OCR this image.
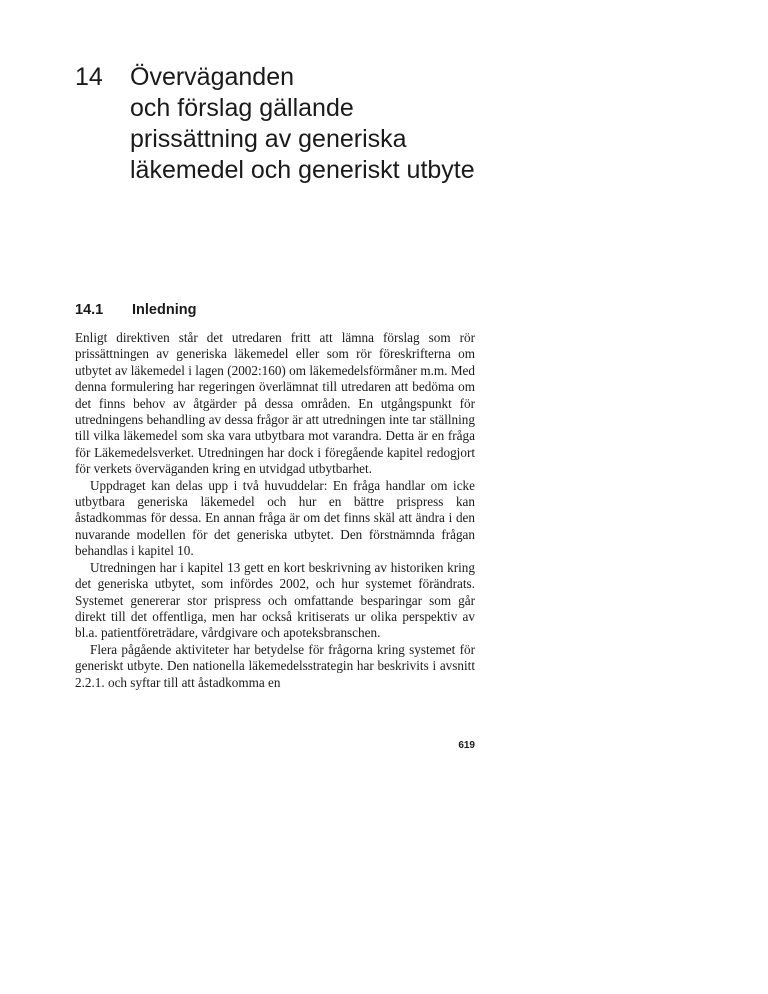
14 Överväganden
och förslag gällande
prissättning av generiska
läkemedel och generiskt utbyte
14.1 Inledning

Enligt direktiven står det utredaren fritt att lämna förslag som rör prissättningen av generiska läkemedel eller som rör föreskrifterna om utbytet av läkemedel i lagen (2002:160) om läkemedelsförmåner m.m. Med denna formulering har regeringen överlämnat till utredaren att bedöma om det finns behov av åtgärder på dessa områden. En utgångspunkt för utredningens behandling av dessa frågor är att utredningen inte tar ställning till vilka läkemedel som ska vara utbytbara mot varandra. Detta är en fråga för Läkemedelsverket. Utredningen har dock i föregående kapitel redogjort för verkets överväganden kring en utvidgad utbytbarhet.

Uppdraget kan delas upp i två huvuddelar: En fråga handlar om icke utbytbara generiska läkemedel och hur en bättre prispress kan åstadkommas för dessa. En annan fråga är om det finns skäl att ändra i den nuvarande modellen för det generiska utbytet. Den förstnämnda frågan behandlas i kapitel 10.

Utredningen har i kapitel 13 gett en kort beskrivning av historiken kring det generiska utbytet, som infördes 2002, och hur systemet förändrats. Systemet genererar stor prispress och omfattande besparingar som går direkt till det offentliga, men har också kritiserats ur olika perspektiv av bl.a. patientföreträdare, vårdgivare och apoteksbranschen.

Flera pågående aktiviteter har betydelse för frågorna kring systemet för generiskt utbyte. Den nationella läkemedelsstrategin har beskrivits i avsnitt 2.2.1. och syftar till att åstadkomma en

619
